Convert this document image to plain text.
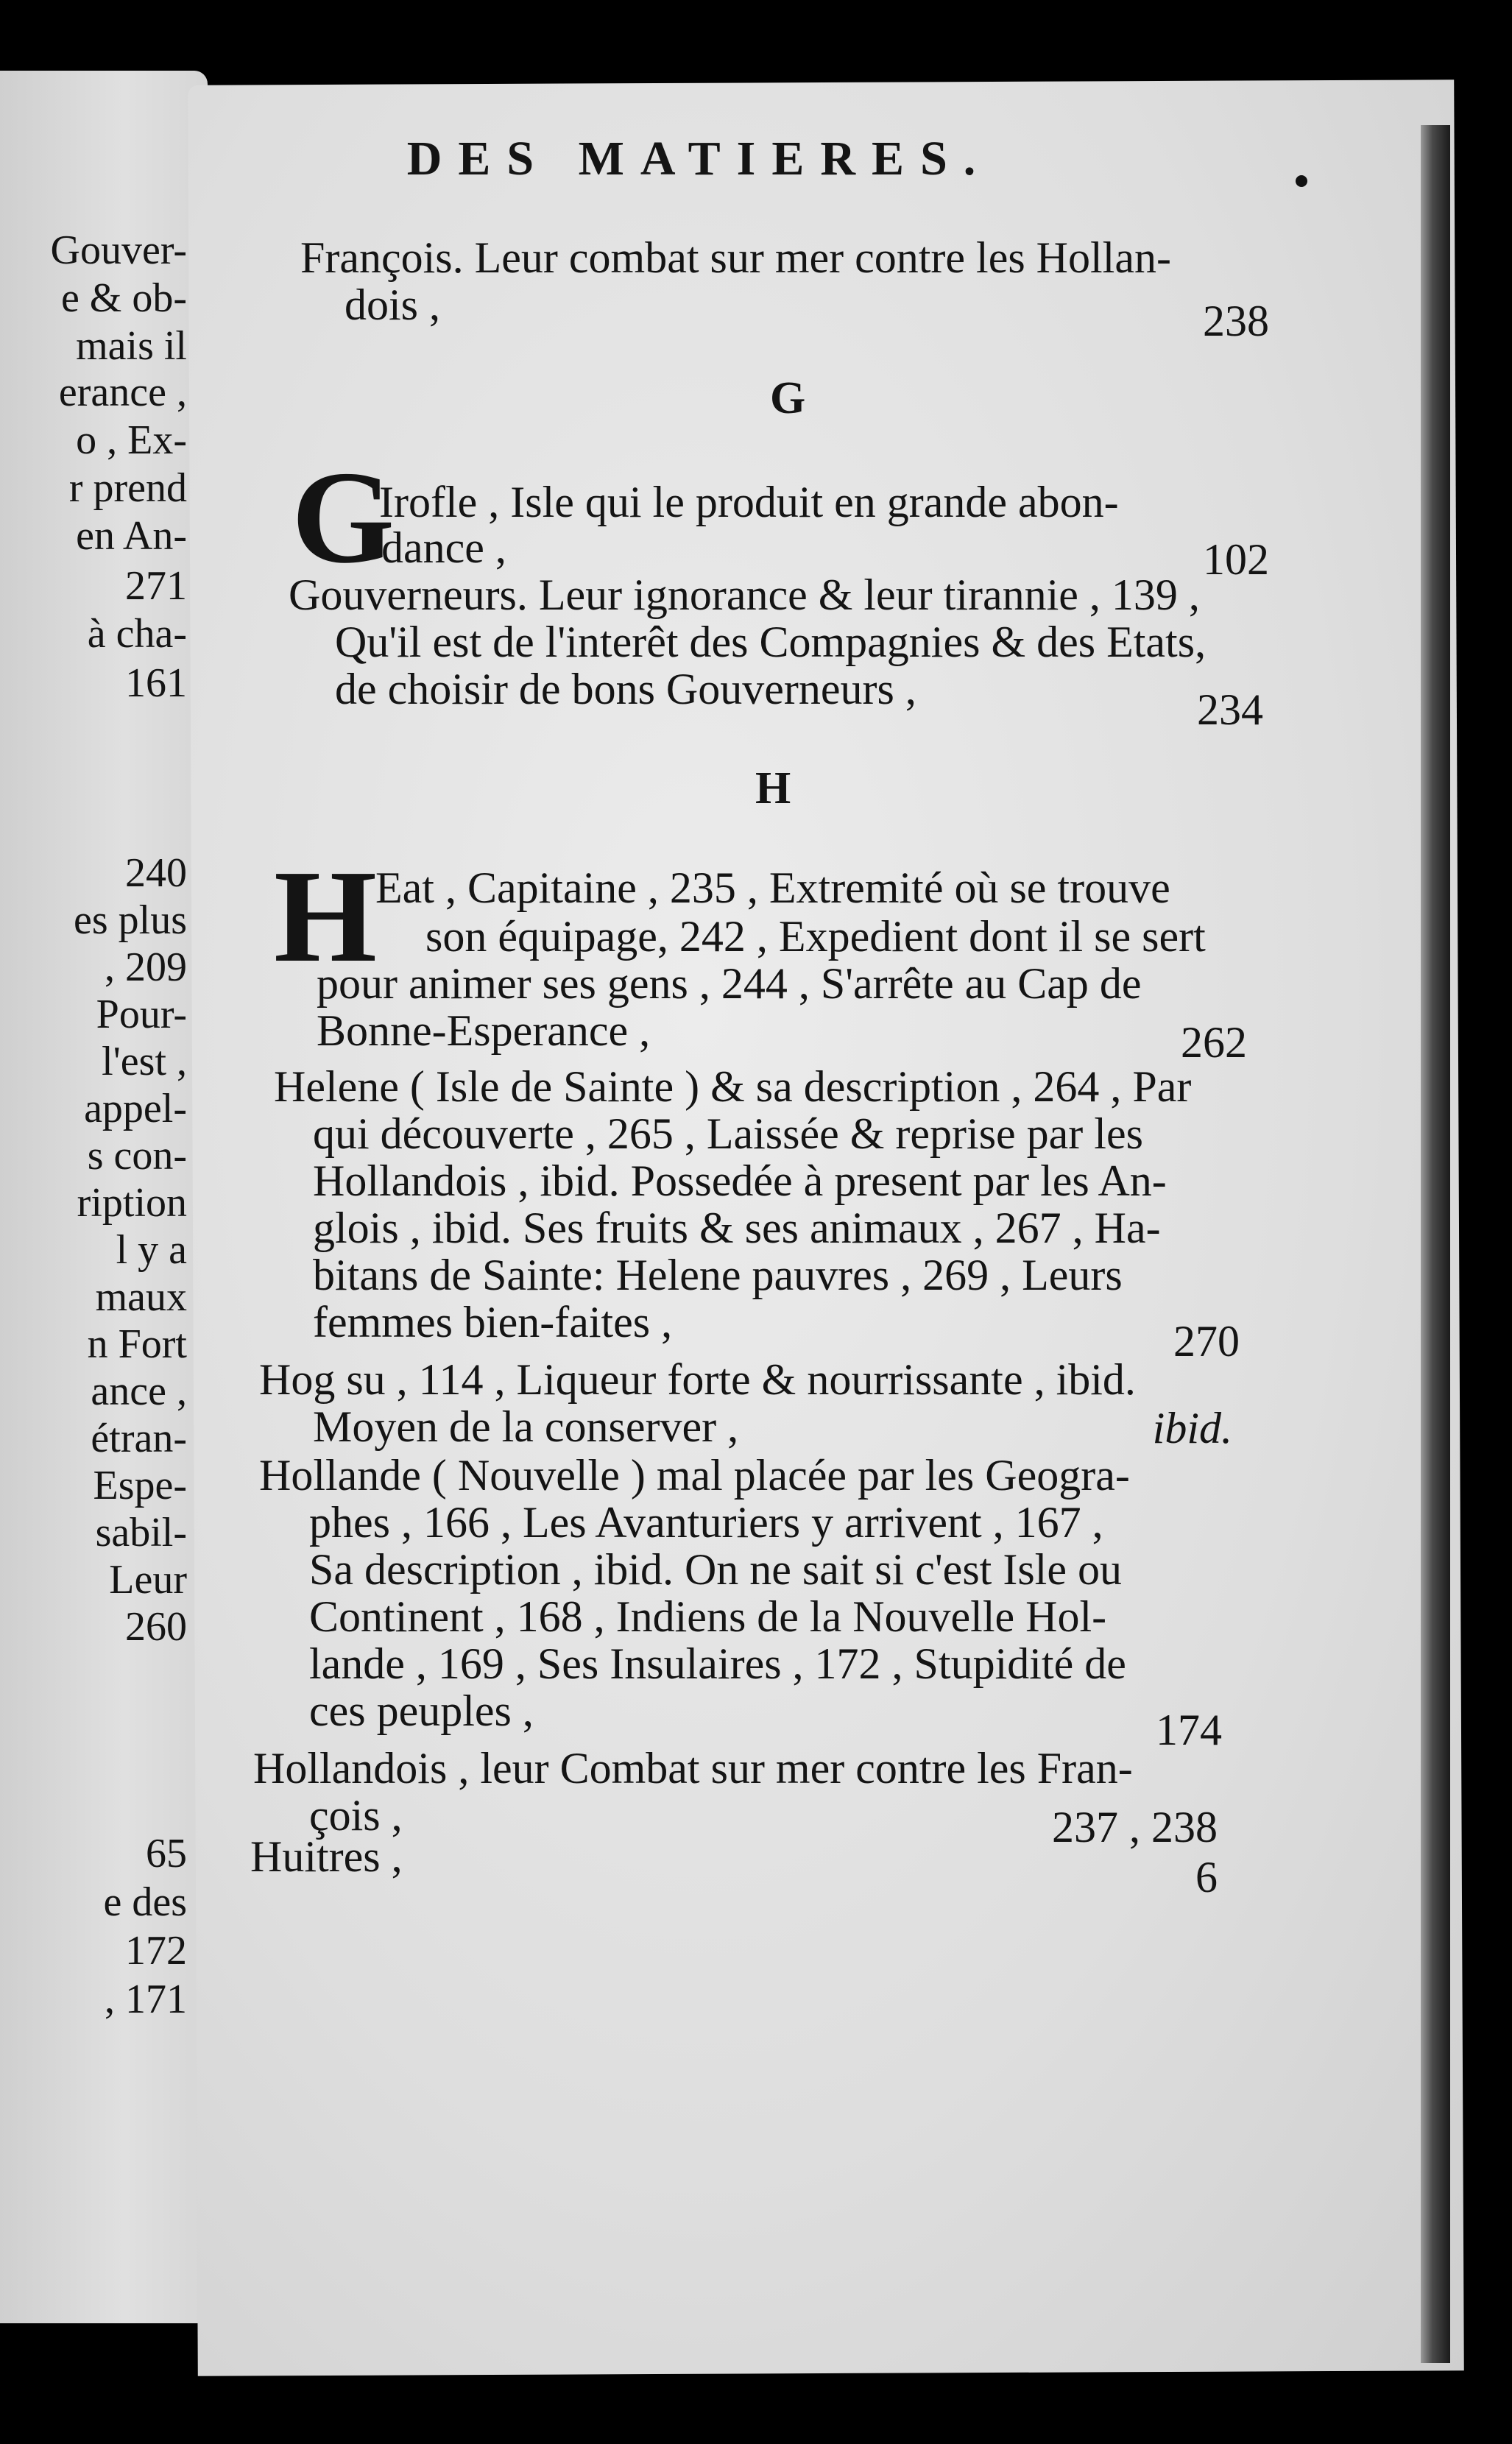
Gouver-
e & ob-
mais il
erance ,
o , Ex-
r prend
en An-
271
à cha-
161
240
es plus
, 209
Pour-
l'est ,
appel-
s con-
ription
l y a
maux
n Fort
ance ,
étran-
Espe-
sabil-
Leur
260
65
e des
172
, 171
DES MATIERES.
François. Leur combat sur mer contre les Hollan-
dois ,	238
G
G
Irofle , Isle qui le produit en grande abon-
dance ,	102
Gouverneurs. Leur ignorance & leur tirannie , 139 ,
Qu'il est de l'interêt des Compagnies & des Etats,
de choisir de bons Gouverneurs ,	234
H
H
Eat , Capitaine , 235 , Extremité où se trouve
son équipage, 242 , Expedient dont il se sert
pour animer ses gens , 244 , S'arrête au Cap de
Bonne-Esperance ,	262
Helene ( Isle de Sainte ) & sa description , 264 , Par
qui découverte , 265 , Laissée & reprise par les
Hollandois , ibid. Possedée à present par les An-
glois , ibid. Ses fruits & ses animaux , 267 , Ha-
bitans de Sainte: Helene pauvres , 269 , Leurs
femmes bien-faites ,	270
Hog su , 114 , Liqueur forte & nourrissante , ibid.
Moyen de la conserver ,	ibid.
Hollande ( Nouvelle ) mal placée par les Geogra-
phes , 166 , Les Avanturiers y arrivent , 167 ,
Sa description , ibid. On ne sait si c'est Isle ou
Continent , 168 , Indiens de la Nouvelle Hol-
lande , 169 , Ses Insulaires , 172 , Stupidité de
ces peuples ,	174
Hollandois , leur Combat sur mer contre les Fran-
çois ,	237 , 238
Huitres ,	6
